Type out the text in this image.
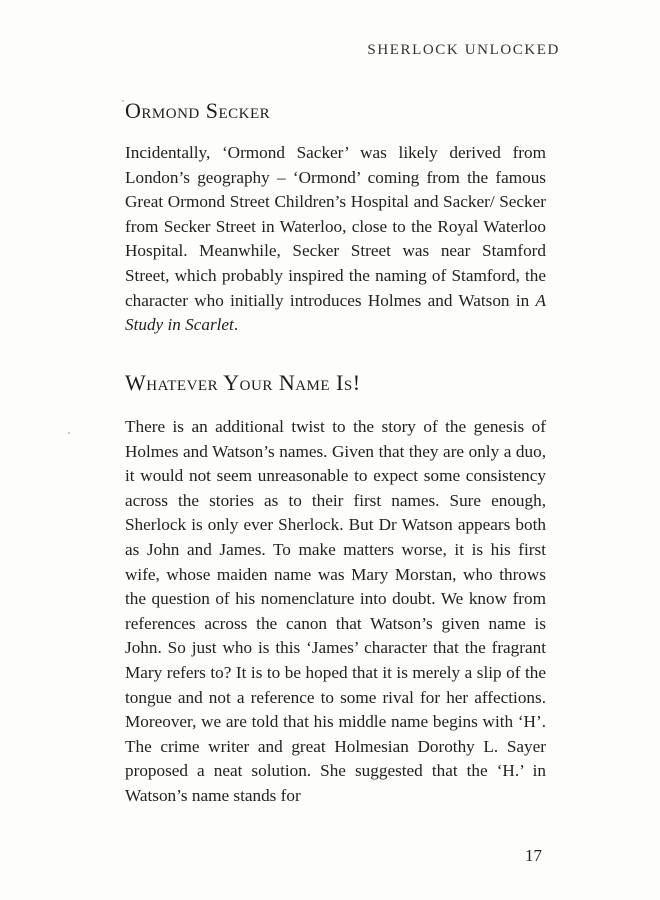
SHERLOCK UNLOCKED
Ormond Secker

Incidentally, ‘Ormond Sacker’ was likely derived from London’s geography – ‘Ormond’ coming from the famous Great Ormond Street Children’s Hospital and Sacker/ Secker from Secker Street in Waterloo, close to the Royal Waterloo Hospital. Meanwhile, Secker Street was near Stamford Street, which probably inspired the naming of Stamford, the character who initially introduces Holmes and Watson in A Study in Scarlet.

Whatever Your Name Is!

There is an additional twist to the story of the genesis of Holmes and Watson’s names. Given that they are only a duo, it would not seem unreasonable to expect some consistency across the stories as to their first names. Sure enough, Sherlock is only ever Sherlock. But Dr Watson appears both as John and James. To make matters worse, it is his first wife, whose maiden name was Mary Morstan, who throws the question of his nomenclature into doubt. We know from references across the canon that Watson’s given name is John. So just who is this ‘James’ character that the fragrant Mary refers to? It is to be hoped that it is merely a slip of the tongue and not a reference to some rival for her affections. Moreover, we are told that his middle name begins with ‘H’. The crime writer and great Holmesian Dorothy L. Sayer proposed a neat solution. She suggested that the ‘H.’ in Watson’s name stands for

17
